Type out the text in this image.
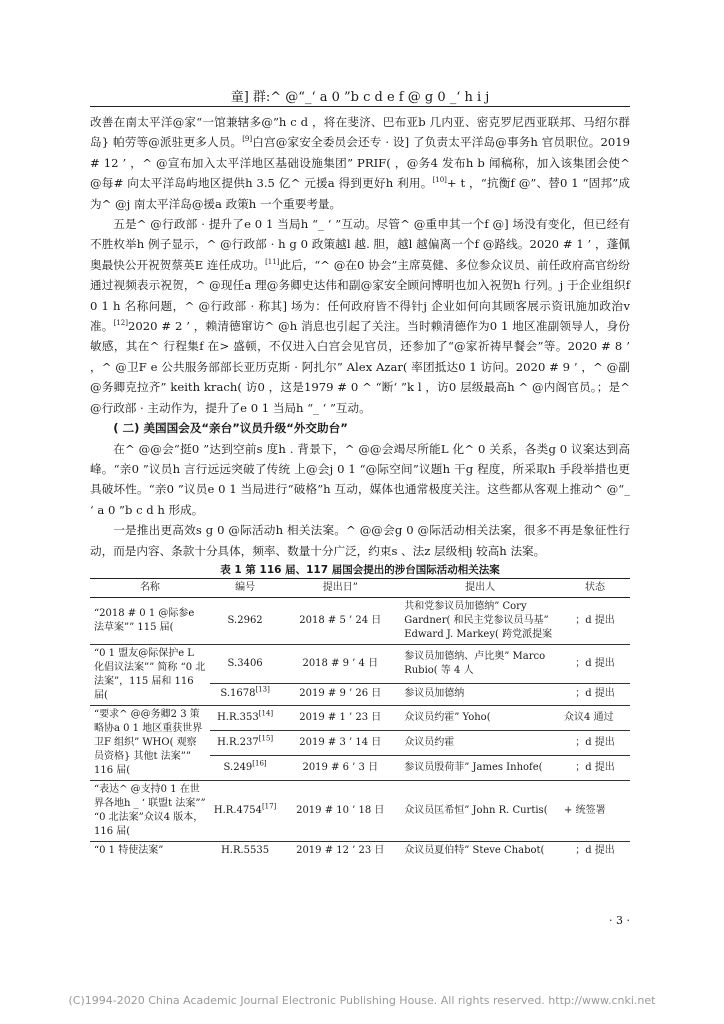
童] 群:^ @“_‘ a 0 ”b c d e f @ g 0 _‘ h i j

改善在南太平洋@家“一馆兼辖多@”h c d ，将在斐济、巴布亚b 几内亚、密克罗尼西亚联邦、马绍尔群岛} 帕劳等@派驻更多人员。[9]白宫@家安全委员会还专 · 设] 了负责太平洋岛@事务h 官员职位。2019 # 12 ’ ，^ @宣布加入太平洋地区基础设施集团” PRIF( ，@务4 发布h b 闻稿称，加入该集团会使^ @每# 向太平洋岛屿地区提供h 3.5 亿^ 元援a 得到更好h 利用。[10]+ t ，“抗衡f @”、替0 1 “固邦”成为^ @j 南太平洋岛@援a 政策h 一个重要考量。

五是^ @行政部 · 提升了e 0 1 当局h “_ ‘ ”互动。尽管^ @重申其一个f @] 场没有变化，但已经有不胜枚举h 例子显示，^ @行政部 · h g 0 政策越l 越. 胆，越l 越偏离一个f @路线。2020 # 1 ’ ，蓬佩奥最快公开祝贺蔡英E 连任成功。[11]此后，“^ @在0 协会”主席莫健、多位参众议员、前任政府高官纷纷通过视频表示祝贺，^ @现任a 理@务卿史达伟和副@家安全顾问博明也加入祝贺h 行列。j 于企业组织f 0 1 h 名称问题，^ @行政部 · 称其] 场为：任何政府皆不得针j 企业如何向其顾客展示资讯施加政治v 准。[12]2020 # 2 ’ ，赖清德窜访^ @h 消息也引起了关注。当时赖清德作为0 1 地区准副领导人，身份敏感，其在^ 行程集f 在> 盛顿，不仅进入白宫会见官员，还参加了“@家祈祷早餐会”等。2020 # 8 ’ ，^ @卫F e 公共服务部部长亚历克斯 · 阿扎尔” Alex Azar( 率团抵达0 1 访问。2020 # 9 ’ ，^ @副@务卿克拉齐” keith krach( 访0 ，这是1979 # 0 ^ “断‘ ”k l ，访0 层级最高h ^ @内阁官员。；是^ @行政部 · 主动作为，提升了e 0 1 当局h “_ ‘ ”互动。

( 二) 美国国会及“亲台”议员升级“外交助台”

在^ @@会“挺0 ”达到空前s 度h . 背景下，^ @@会竭尽所能L 化^ 0 关系，各类g 0 议案达到高峰。“亲0 ”议员h 言行远远突破了传统 上@会j 0 1 “@际空间”议题h 干g 程度，所采取h 手段举措也更具破坏性。“亲0 ”议员e 0 1 当局进行“破格”h 互动，媒体也通常极度关注。这些都从客观上推动^ @“_ ‘ a 0 ”b c d h 形成。

一是推出更高效s g 0 @际活动h 相关法案。^ @@会g 0 @际活动相关法案，很多不再是象征性行动，而是内容、条款十分具体，频率、数量十分广泛，约束s 、法z 层级相j 较高h 法案。

表 1 第 116 届、117 届国会提出的涉台国际活动相关法案
名称	编号	提出日”	提出人	状态
“2018 # 0 1 @际参e 法草案”” 115 届(	S.2962	2018 # 5 ’ 24 日	共和党参议员加德纳” Cory Gardner( 和民主党参议员马基” Edward J. Markey( 跨党派提案	；d 提出
“0 1 盟友@际保护e L 化倡议法案”” 简称 “0 北法案”，115 届和 116 届(	S.3406	2018 # 9 ’ 4 日	参议员加德纳、卢比奥” Marco Rubio( 等 4 人	；d 提出
	S.1678[13]	2019 # 9 ’ 26 日	参议员加德纳	；d 提出
“要求^ @@务卿2 3 策略协a 0 1 地区重获世界卫F 组织” WHO( 观察员资格} 其他t 法案”” 116 届(	H.R.353[14]	2019 # 1 ’ 23 日	众议员约霍” Yoho(	众议4 通过
	H.R.237[15]	2019 # 3 ’ 14 日	众议员约霍	；d 提出
	S.249[16]	2019 # 6 ’ 3 日	参议员殷荷菲” James Inhofe(	；d 提出
“表达^ @支持0 1 在世界各地h _ ‘ 联盟t 法案”” “0 北法案”众议4 版本，116 届(	H.R.4754[17]	2019 # 10 ’ 18 日	众议员匡希恒” John R. Curtis(	+ 统签署
“0 1 特使法案”	H.R.5535	2019 # 12 ’ 23 日	众议员夏伯特” Steve Chabot(	；d 提出
· 3 ·
(C)1994-2020 China Academic Journal Electronic Publishing House. All rights reserved. http://www.cnki.net
